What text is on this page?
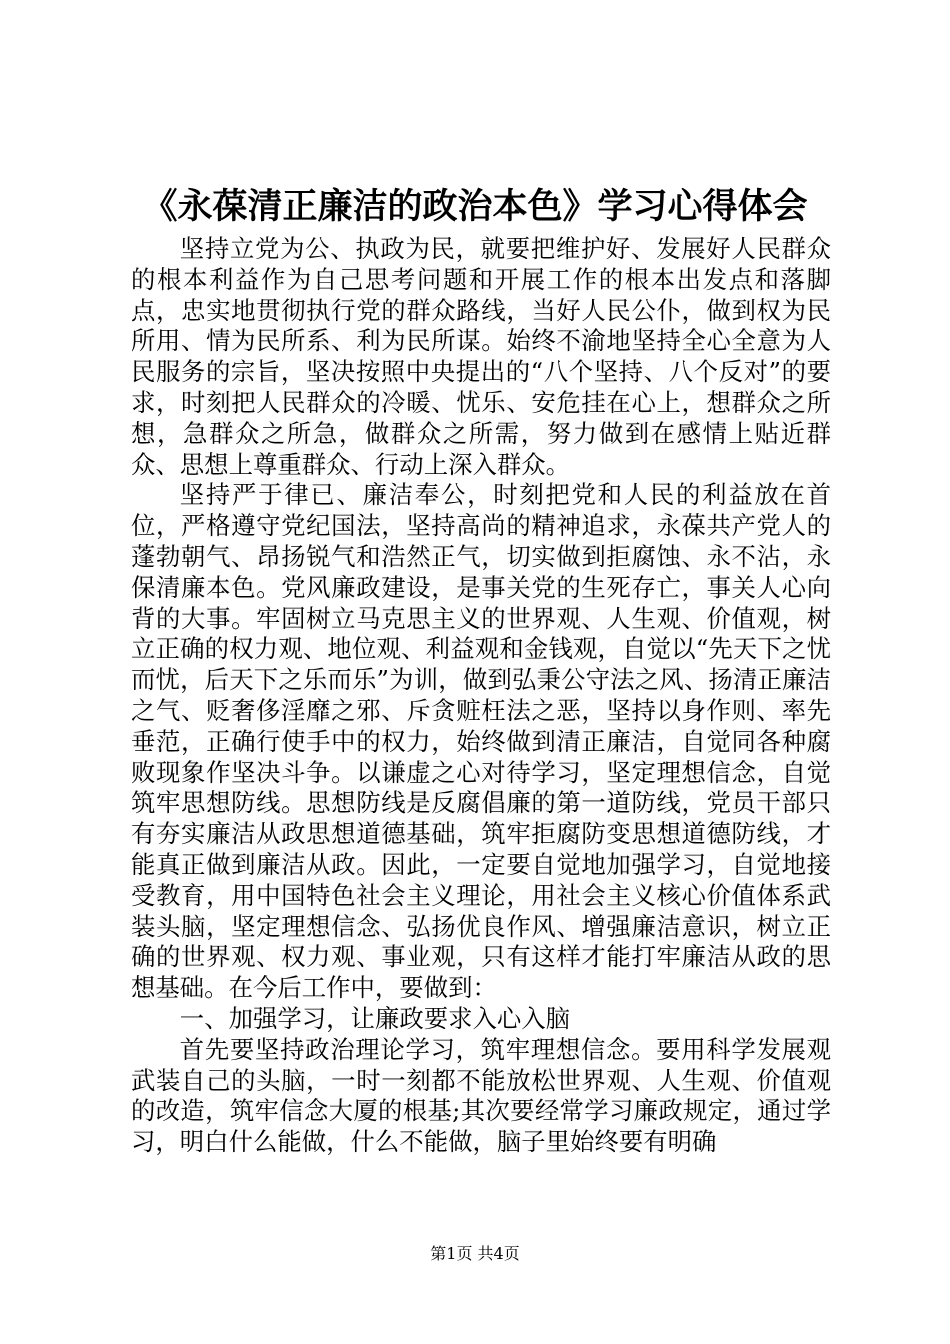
《永葆清正廉洁的政治本色》学习心得体会

坚持立党为公、执政为民，就要把维护好、发展好人民群众的根本利益作为自己思考问题和开展工作的根本出发点和落脚点，忠实地贯彻执行党的群众路线，当好人民公仆，做到权为民所用、情为民所系、利为民所谋。始终不渝地坚持全心全意为人民服务的宗旨，坚决按照中央提出的“八个坚持、八个反对”的要求，时刻把人民群众的冷暖、忧乐、安危挂在心上，想群众之所想，急群众之所急，做群众之所需，努力做到在感情上贴近群众、思想上尊重群众、行动上深入群众。

坚持严于律已、廉洁奉公，时刻把党和人民的利益放在首位，严格遵守党纪国法，坚持高尚的精神追求，永葆共产党人的蓬勃朝气、昂扬锐气和浩然正气，切实做到拒腐蚀、永不沾，永保清廉本色。党风廉政建设，是事关党的生死存亡，事关人心向背的大事。牢固树立马克思主义的世界观、人生观、价值观，树立正确的权力观、地位观、利益观和金钱观，自觉以“先天下之忧而忧，后天下之乐而乐”为训，做到弘秉公守法之风、扬清正廉洁之气、贬奢侈淫靡之邪、斥贪赃枉法之恶，坚持以身作则、率先垂范，正确行使手中的权力，始终做到清正廉洁，自觉同各种腐败现象作坚决斗争。以谦虚之心对待学习，坚定理想信念，自觉筑牢思想防线。思想防线是反腐倡廉的第一道防线，党员干部只有夯实廉洁从政思想道德基础，筑牢拒腐防变思想道德防线，才能真正做到廉洁从政。因此，一定要自觉地加强学习，自觉地接受教育，用中国特色社会主义理论，用社会主义核心价值体系武装头脑，坚定理想信念、弘扬优良作风、增强廉洁意识，树立正确的世界观、权力观、事业观，只有这样才能打牢廉洁从政的思想基础。在今后工作中，要做到：

一、加强学习，让廉政要求入心入脑

首先要坚持政治理论学习，筑牢理想信念。要用科学发展观武装自己的头脑，一时一刻都不能放松世界观、人生观、价值观的改造，筑牢信念大厦的根基;其次要经常学习廉政规定，通过学习，明白什么能做，什么不能做，脑子里始终要有明确

第1页 共4页
